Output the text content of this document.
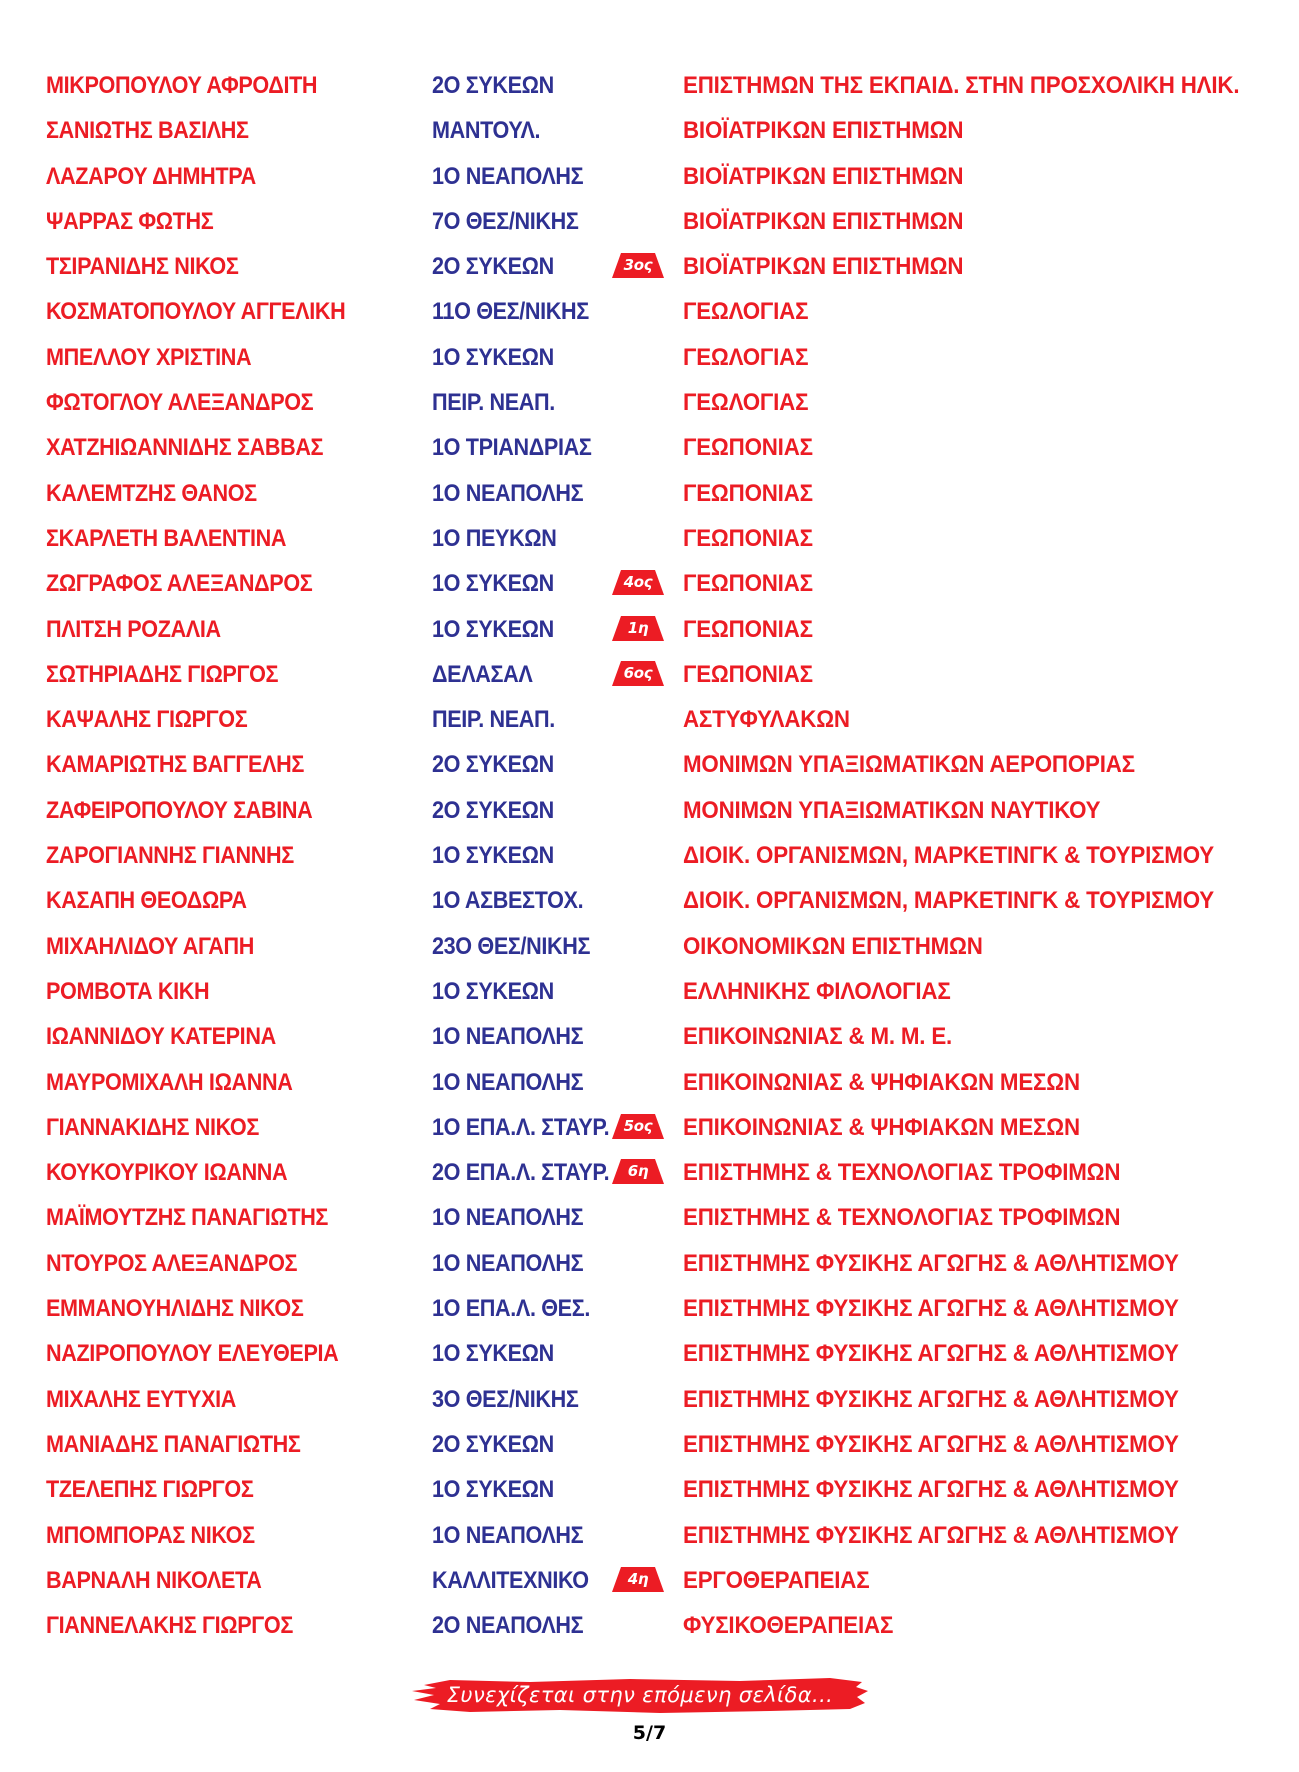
ΜΙΚΡΟΠΟΥΛΟΥ ΑΦΡΟΔΙΤΗ	2Ο ΣΥΚΕΩΝ	ΕΠΙΣΤΗΜΩΝ ΤΗΣ ΕΚΠΑΙΔ. ΣΤΗΝ ΠΡΟΣΧΟΛΙΚΗ ΗΛΙΚ.
ΣΑΝΙΩΤΗΣ ΒΑΣΙΛΗΣ	ΜΑΝΤΟΥΛ.	ΒΙΟΪΑΤΡΙΚΩΝ ΕΠΙΣΤΗΜΩΝ
ΛΑΖΑΡΟΥ ΔΗΜΗΤΡΑ	1Ο ΝΕΑΠΟΛΗΣ	ΒΙΟΪΑΤΡΙΚΩΝ ΕΠΙΣΤΗΜΩΝ
ΨΑΡΡΑΣ ΦΩΤΗΣ	7Ο ΘΕΣ/ΝΙΚΗΣ	ΒΙΟΪΑΤΡΙΚΩΝ ΕΠΙΣΤΗΜΩΝ
ΤΣΙΡΑΝΙΔΗΣ ΝΙΚΟΣ	2Ο ΣΥΚΕΩΝ	3ος	ΒΙΟΪΑΤΡΙΚΩΝ ΕΠΙΣΤΗΜΩΝ
ΚΟΣΜΑΤΟΠΟΥΛΟΥ ΑΓΓΕΛΙΚΗ	11Ο ΘΕΣ/ΝΙΚΗΣ	ΓΕΩΛΟΓΙΑΣ
ΜΠΕΛΛΟΥ ΧΡΙΣΤΙΝΑ	1Ο ΣΥΚΕΩΝ	ΓΕΩΛΟΓΙΑΣ
ΦΩΤΟΓΛΟΥ ΑΛΕΞΑΝΔΡΟΣ	ΠΕΙΡ. ΝΕΑΠ.	ΓΕΩΛΟΓΙΑΣ
ΧΑΤΖΗΙΩΑΝΝΙΔΗΣ ΣΑΒΒΑΣ	1Ο ΤΡΙΑΝΔΡΙΑΣ	ΓΕΩΠΟΝΙΑΣ
ΚΑΛΕΜΤΖΗΣ ΘΑΝΟΣ	1Ο ΝΕΑΠΟΛΗΣ	ΓΕΩΠΟΝΙΑΣ
ΣΚΑΡΛΕΤΗ ΒΑΛΕΝΤΙΝΑ	1Ο ΠΕΥΚΩΝ	ΓΕΩΠΟΝΙΑΣ
ΖΩΓΡΑΦΟΣ ΑΛΕΞΑΝΔΡΟΣ	1Ο ΣΥΚΕΩΝ	4ος	ΓΕΩΠΟΝΙΑΣ
ΠΛΙΤΣΗ ΡΟΖΑΛΙΑ	1Ο ΣΥΚΕΩΝ	1η	ΓΕΩΠΟΝΙΑΣ
ΣΩΤΗΡΙΑΔΗΣ ΓΙΩΡΓΟΣ	ΔΕΛΑΣΑΛ	6ος	ΓΕΩΠΟΝΙΑΣ
ΚΑΨΑΛΗΣ ΓΙΩΡΓΟΣ	ΠΕΙΡ. ΝΕΑΠ.	ΑΣΤΥΦΥΛΑΚΩΝ
ΚΑΜΑΡΙΩΤΗΣ ΒΑΓΓΕΛΗΣ	2Ο ΣΥΚΕΩΝ	ΜΟΝΙΜΩΝ ΥΠΑΞΙΩΜΑΤΙΚΩΝ ΑΕΡΟΠΟΡΙΑΣ
ΖΑΦΕΙΡΟΠΟΥΛΟΥ ΣΑΒΙΝΑ	2Ο ΣΥΚΕΩΝ	ΜΟΝΙΜΩΝ ΥΠΑΞΙΩΜΑΤΙΚΩΝ ΝΑΥΤΙΚΟΥ
ΖΑΡΟΓΙΑΝΝΗΣ ΓΙΑΝΝΗΣ	1Ο ΣΥΚΕΩΝ	ΔΙΟΙΚ. ΟΡΓΑΝΙΣΜΩΝ, ΜΑΡΚΕΤΙΝΓΚ & ΤΟΥΡΙΣΜΟΥ
ΚΑΣΑΠΗ ΘΕΟΔΩΡΑ	1Ο ΑΣΒΕΣΤΟΧ.	ΔΙΟΙΚ. ΟΡΓΑΝΙΣΜΩΝ, ΜΑΡΚΕΤΙΝΓΚ & ΤΟΥΡΙΣΜΟΥ
ΜΙΧΑΗΛΙΔΟΥ ΑΓΑΠΗ	23Ο ΘΕΣ/ΝΙΚΗΣ	ΟΙΚΟΝΟΜΙΚΩΝ ΕΠΙΣΤΗΜΩΝ
ΡΟΜΒΟΤΑ ΚΙΚΗ	1Ο ΣΥΚΕΩΝ	ΕΛΛΗΝΙΚΗΣ ΦΙΛΟΛΟΓΙΑΣ
ΙΩΑΝΝΙΔΟΥ ΚΑΤΕΡΙΝΑ	1Ο ΝΕΑΠΟΛΗΣ	ΕΠΙΚΟΙΝΩΝΙΑΣ & Μ. Μ. Ε.
ΜΑΥΡΟΜΙΧΑΛΗ ΙΩΑΝΝΑ	1Ο ΝΕΑΠΟΛΗΣ	ΕΠΙΚΟΙΝΩΝΙΑΣ & ΨΗΦΙΑΚΩΝ ΜΕΣΩΝ
ΓΙΑΝΝΑΚΙΔΗΣ ΝΙΚΟΣ	1Ο ΕΠΑ.Λ. ΣΤΑΥΡ. 5ος	ΕΠΙΚΟΙΝΩΝΙΑΣ & ΨΗΦΙΑΚΩΝ ΜΕΣΩΝ
ΚΟΥΚΟΥΡΙΚΟΥ ΙΩΑΝΝΑ	2Ο ΕΠΑ.Λ. ΣΤΑΥΡ.	6η	ΕΠΙΣΤΗΜΗΣ & ΤΕΧΝΟΛΟΓΙΑΣ ΤΡΟΦΙΜΩΝ
ΜΑΪΜΟΥΤΖΗΣ ΠΑΝΑΓΙΩΤΗΣ	1Ο ΝΕΑΠΟΛΗΣ	ΕΠΙΣΤΗΜΗΣ & ΤΕΧΝΟΛΟΓΙΑΣ ΤΡΟΦΙΜΩΝ
ΝΤΟΥΡΟΣ ΑΛΕΞΑΝΔΡΟΣ	1Ο ΝΕΑΠΟΛΗΣ	ΕΠΙΣΤΗΜΗΣ ΦΥΣΙΚΗΣ ΑΓΩΓΗΣ & ΑΘΛΗΤΙΣΜΟΥ
ΕΜΜΑΝΟΥΗΛΙΔΗΣ ΝΙΚΟΣ	1Ο ΕΠΑ.Λ. ΘΕΣ.	ΕΠΙΣΤΗΜΗΣ ΦΥΣΙΚΗΣ ΑΓΩΓΗΣ & ΑΘΛΗΤΙΣΜΟΥ
ΝΑΖΙΡΟΠΟΥΛΟΥ ΕΛΕΥΘΕΡΙΑ	1Ο ΣΥΚΕΩΝ	ΕΠΙΣΤΗΜΗΣ ΦΥΣΙΚΗΣ ΑΓΩΓΗΣ & ΑΘΛΗΤΙΣΜΟΥ
ΜΙΧΑΛΗΣ ΕΥΤΥΧΙΑ	3Ο ΘΕΣ/ΝΙΚΗΣ	ΕΠΙΣΤΗΜΗΣ ΦΥΣΙΚΗΣ ΑΓΩΓΗΣ & ΑΘΛΗΤΙΣΜΟΥ
ΜΑΝΙΑΔΗΣ ΠΑΝΑΓΙΩΤΗΣ	2Ο ΣΥΚΕΩΝ	ΕΠΙΣΤΗΜΗΣ ΦΥΣΙΚΗΣ ΑΓΩΓΗΣ & ΑΘΛΗΤΙΣΜΟΥ
ΤΖΕΛΕΠΗΣ ΓΙΩΡΓΟΣ	1Ο ΣΥΚΕΩΝ	ΕΠΙΣΤΗΜΗΣ ΦΥΣΙΚΗΣ ΑΓΩΓΗΣ & ΑΘΛΗΤΙΣΜΟΥ
ΜΠΟΜΠΟΡΑΣ ΝΙΚΟΣ	1Ο ΝΕΑΠΟΛΗΣ	ΕΠΙΣΤΗΜΗΣ ΦΥΣΙΚΗΣ ΑΓΩΓΗΣ & ΑΘΛΗΤΙΣΜΟΥ
ΒΑΡΝΑΛΗ ΝΙΚΟΛΕΤΑ	ΚΑΛΛΙΤΕΧΝΙΚΟ	4η	ΕΡΓΟΘΕΡΑΠΕΙΑΣ
ΓΙΑΝΝΕΛΑΚΗΣ ΓΙΩΡΓΟΣ	2Ο ΝΕΑΠΟΛΗΣ	ΦΥΣΙΚΟΘΕΡΑΠΕΙΑΣ
Συνεχίζεται στην επόμενη σελίδα...
5/7
